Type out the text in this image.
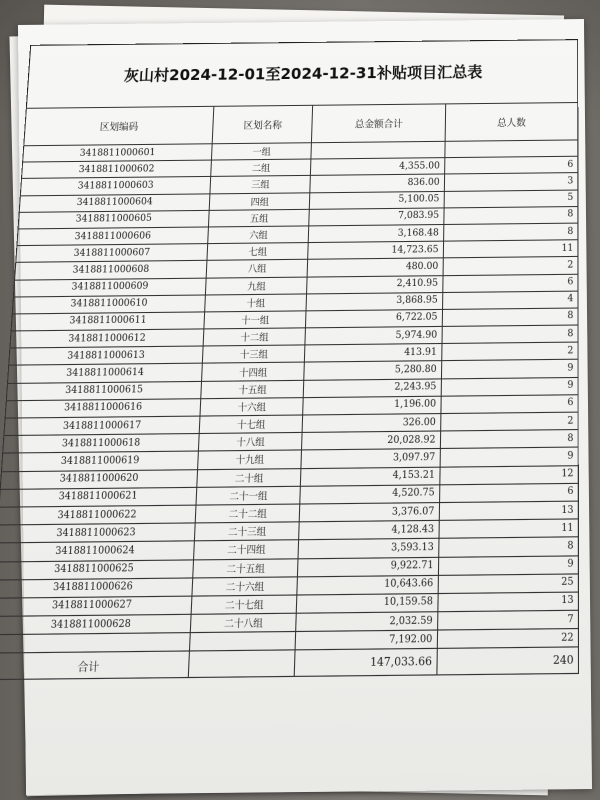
灰山村2024-12-01至2024-12-31补贴项目汇总表
区划编码	区划名称	总金额合计	总人数
3418811000601	一组		
3418811000602	二组	4,355.00	6
3418811000603	三组	836.00	3
3418811000604	四组	5,100.05	5
3418811000605	五组	7,083.95	8
3418811000606	六组	3,168.48	8
3418811000607	七组	14,723.65	11
3418811000608	八组	480.00	2
3418811000609	九组	2,410.95	6
3418811000610	十组	3,868.95	4
3418811000611	十一组	6,722.05	8
3418811000612	十二组	5,974.90	8
3418811000613	十三组	413.91	2
3418811000614	十四组	5,280.80	9
3418811000615	十五组	2,243.95	9
3418811000616	十六组	1,196.00	6
3418811000617	十七组	326.00	2
3418811000618	十八组	20,028.92	8
3418811000619	十九组	3,097.97	9
3418811000620	二十组	4,153.21	12
3418811000621	二十一组	4,520.75	6
3418811000622	二十二组	3,376.07	13
3418811000623	二十三组	4,128.43	11
3418811000624	二十四组	3,593.13	8
3418811000625	二十五组	9,922.71	9
3418811000626	二十六组	10,643.66	25
3418811000627	二十七组	10,159.58	13
3418811000628	二十八组	2,032.59	7
		7,192.00	22
合计		147,033.66	240
